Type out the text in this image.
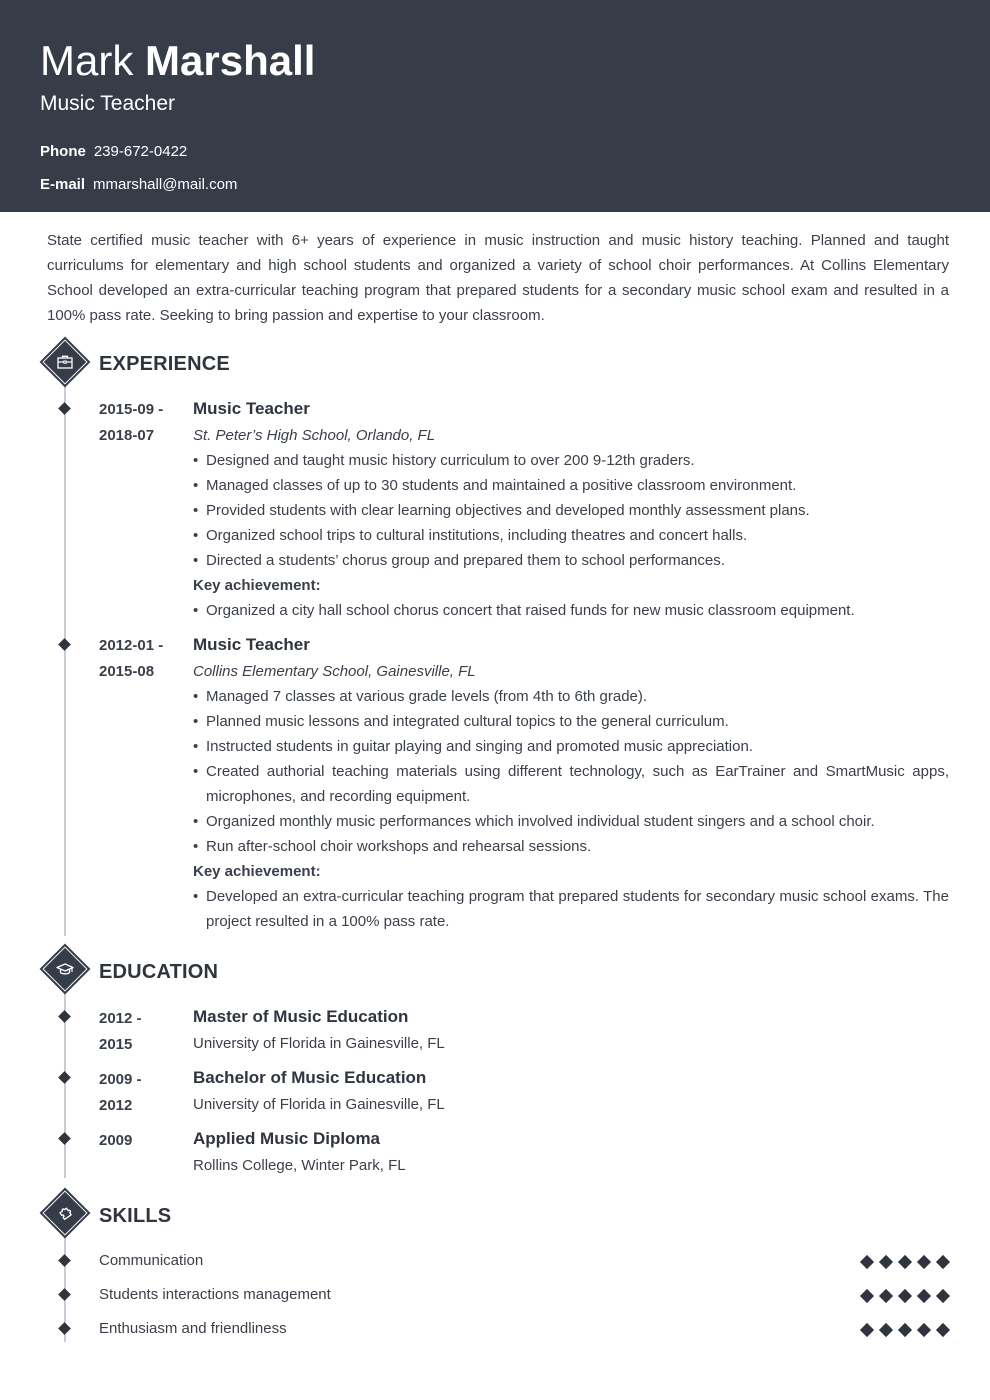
Mark Marshall
Music Teacher
Phone 239-672-0422
E-mail mmarshall@mail.com
State certified music teacher with 6+ years of experience in music instruction and music history teaching. Planned and taught curriculums for elementary and high school students and organized a variety of school choir performances. At Collins Elementary School developed an extra-curricular teaching program that prepared students for a secondary music school exam and resulted in a 100% pass rate. Seeking to bring passion and expertise to your classroom.
EXPERIENCE
2015-09 -
2018-07
Music Teacher
St. Peter’s High School, Orlando, FL
• Designed and taught music history curriculum to over 200 9-12th graders.
• Managed classes of up to 30 students and maintained a positive classroom environment.
• Provided students with clear learning objectives and developed monthly assessment plans.
• Organized school trips to cultural institutions, including theatres and concert halls.
• Directed a students’ chorus group and prepared them to school performances.
Key achievement:
• Organized a city hall school chorus concert that raised funds for new music classroom equipment.
2012-01 -
2015-08
Music Teacher
Collins Elementary School, Gainesville, FL
• Managed 7 classes at various grade levels (from 4th to 6th grade).
• Planned music lessons and integrated cultural topics to the general curriculum.
• Instructed students in guitar playing and singing and promoted music appreciation.
• Created authorial teaching materials using different technology, such as EarTrainer and SmartMusic apps, microphones, and recording equipment.
• Organized monthly music performances which involved individual student singers and a school choir.
• Run after-school choir workshops and rehearsal sessions.
Key achievement:
• Developed an extra-curricular teaching program that prepared students for secondary music school exams. The project resulted in a 100% pass rate.
EDUCATION
2012 -
2015
Master of Music Education
University of Florida in Gainesville, FL
2009 -
2012
Bachelor of Music Education
University of Florida in Gainesville, FL
2009	Applied Music Diploma
Rollins College, Winter Park, FL
SKILLS
Communication
Students interactions management
Enthusiasm and friendliness
